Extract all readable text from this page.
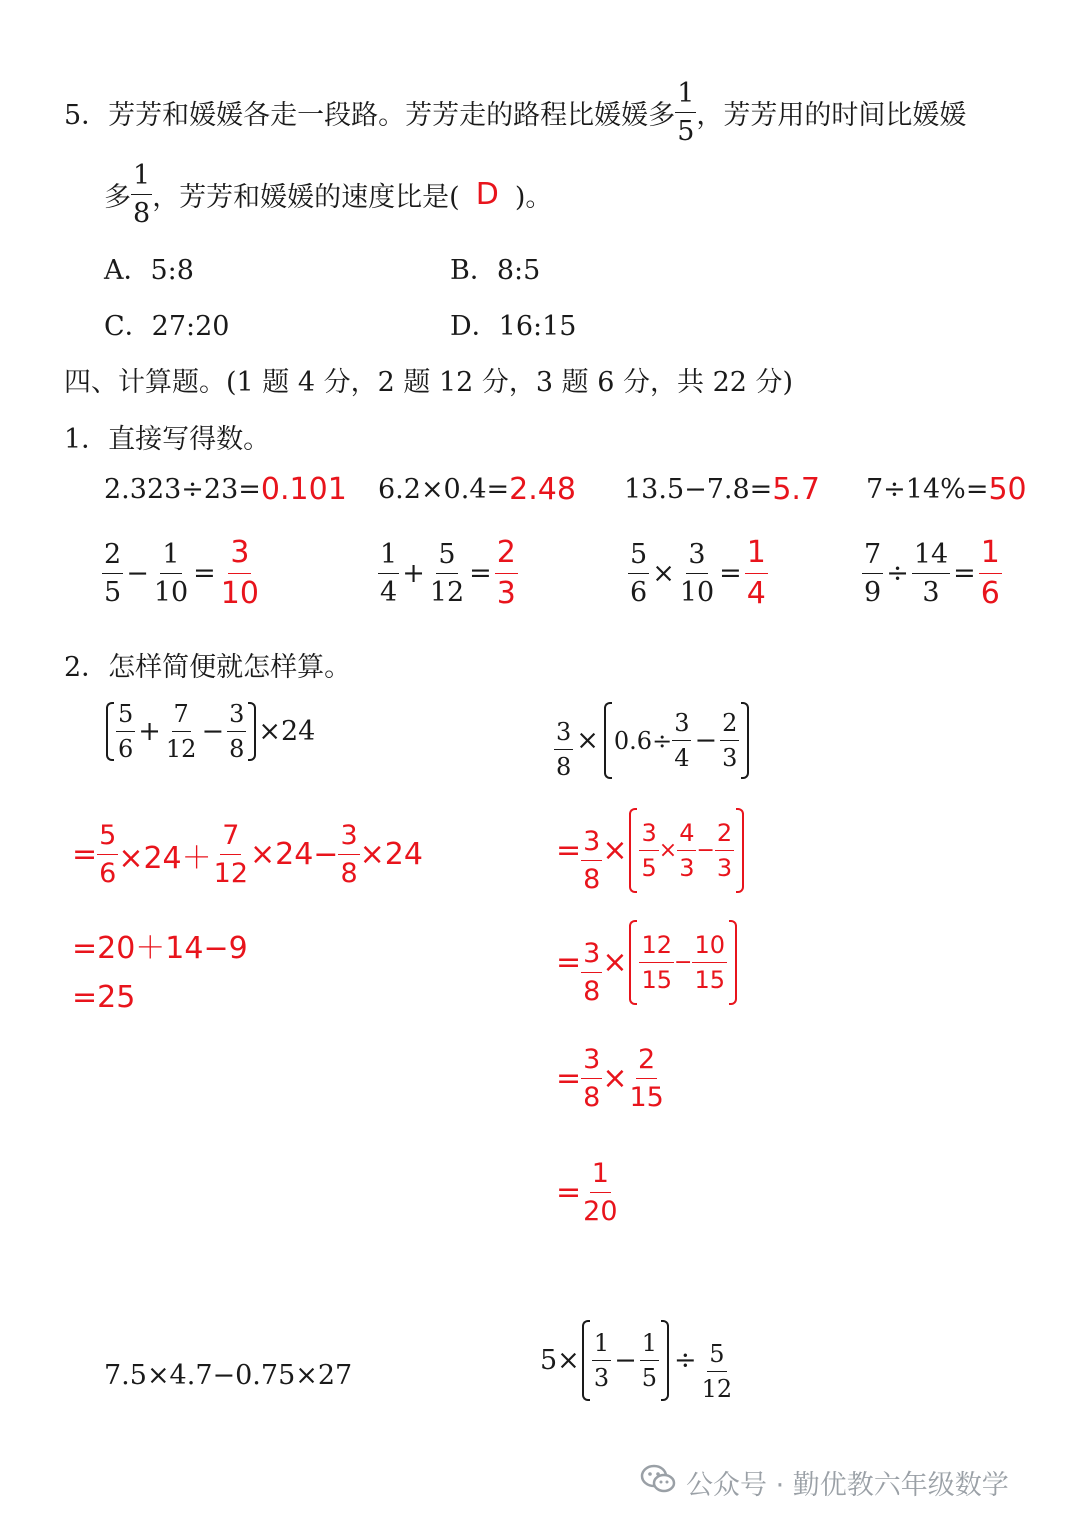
5．芳芳和媛媛各走一段路。芳芳走的路程比媛媛多 $\frac{1}{5}$ ，芳芳用的时间比媛媛
多 $\frac{1}{8}$ ，芳芳和媛媛的速度比是( D )。
A．5:8	B．8:5
C．27:20	D．16:15
四、计算题。(1 题 4 分，2 题 12 分，3 题 6 分，共 22 分)
1．直接写得数。
2.323÷23= 0.101 6.2×0.4= 2.48 13.5−7.8= 5.7 7÷14%= 50
$\frac{2}{5} - \frac{1}{10} = \frac{3}{10}$	$\frac{1}{4} + \frac{5}{12} = \frac{2}{3}$	$\frac{5}{6} \times \frac{3}{10} = \frac{1}{4}$	$\frac{7}{9} \div \frac{14}{3} = \frac{1}{6}$
2．怎样简便就怎样算。
$\frac{5}{6} + \frac{7}{12} - \frac{3}{8} \times 24$
= $\frac{5}{6} \times 24+ \frac{7}{12} \times 24- \frac{3}{8} \times 24$
=20＋14−9
=25
$\frac{3}{8} \times 0.6\div \frac{3}{4} - \frac{2}{3}$
= $\frac{3}{8} \times \frac{3}{5} \times \frac{4}{3} - \frac{2}{3}$
= $\frac{3}{8} \times \frac{12}{15} - \frac{10}{15}$
= $\frac{3}{8} \times \frac{2}{15}$
= $\frac{1}{20}$
7.5×4.7−0.75×27	$5\times \frac{1}{3} - \frac{1}{5} \div \frac{5}{12}$
公众号 · 勤优教六年级数学
